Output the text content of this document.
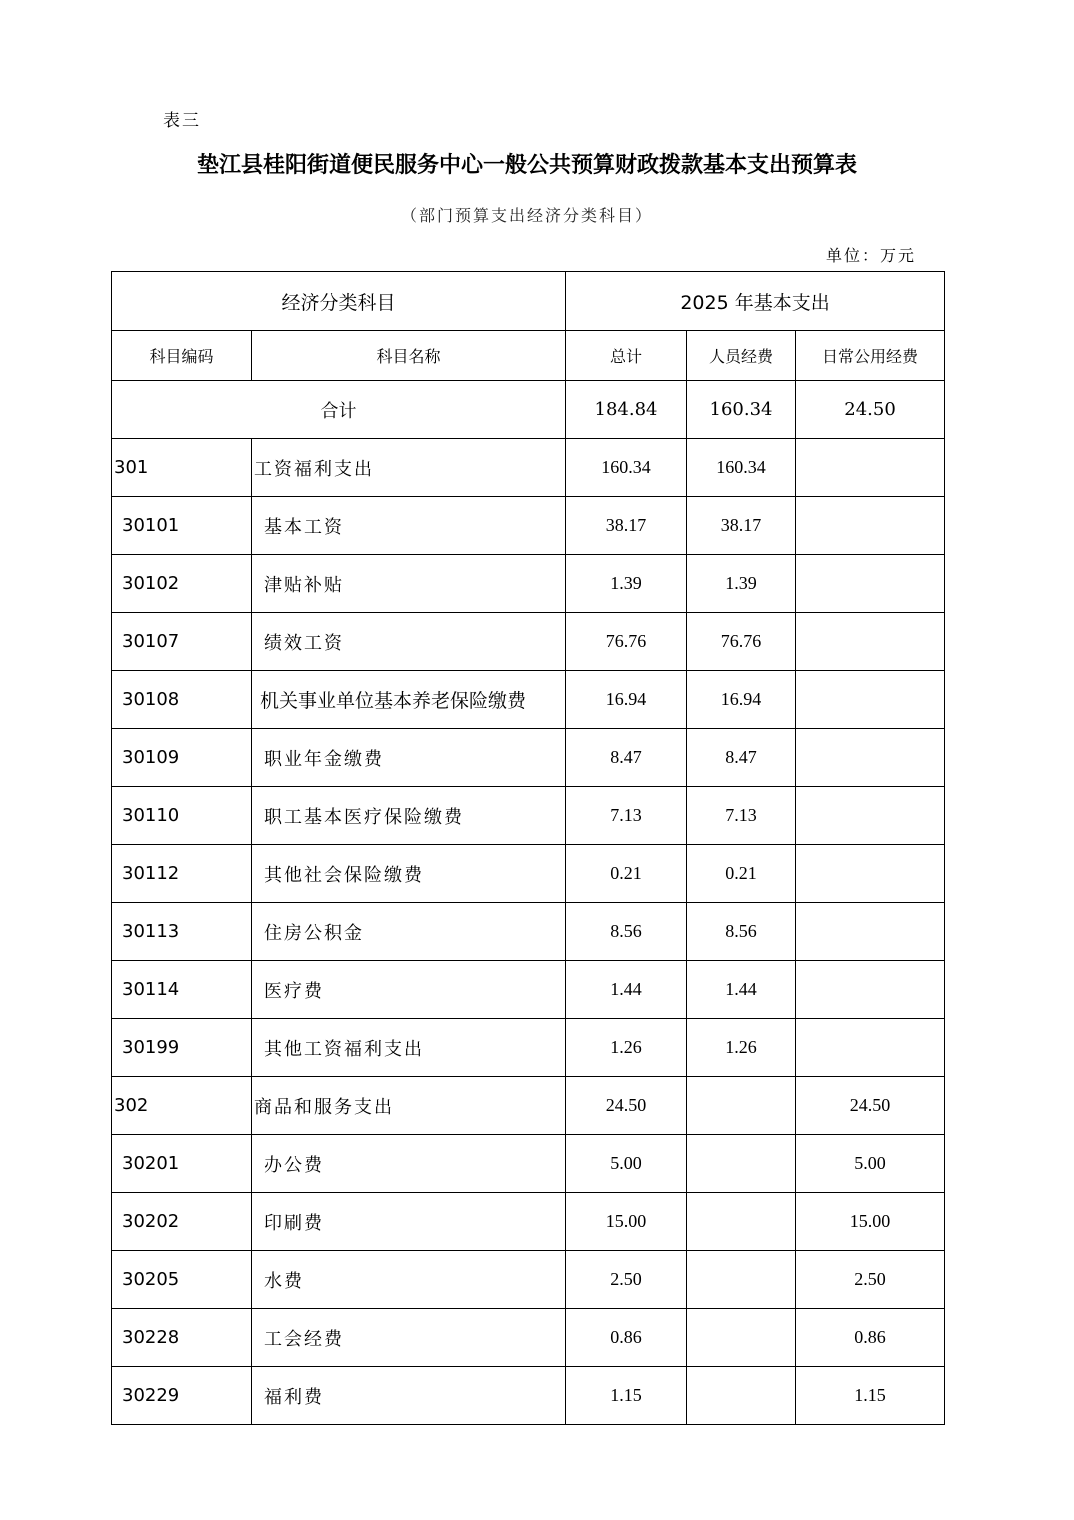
表三
垫江县桂阳街道便民服务中心一般公共预算财政拨款基本支出预算表
（部门预算支出经济分类科目）
单位：万元
经济分类科目		2025 年基本支出		
科目编码	科目名称	总计	人员经费	日常公用经费
合计		184.84	160.34	24.50
301	工资福利支出	160.34	160.34	
30101	基本工资	38.17	38.17	
30102	津贴补贴	1.39	1.39	
30107	绩效工资	76.76	76.76	
30108	机关事业单位基本养老保险缴费	16.94	16.94	
30109	职业年金缴费	8.47	8.47	
30110	职工基本医疗保险缴费	7.13	7.13	
30112	其他社会保险缴费	0.21	0.21	
30113	住房公积金	8.56	8.56	
30114	医疗费	1.44	1.44	
30199	其他工资福利支出	1.26	1.26	
302	商品和服务支出	24.50		24.50
30201	办公费	5.00		5.00
30202	印刷费	15.00		15.00
30205	水费	2.50		2.50
30228	工会经费	0.86		0.86
30229	福利费	1.15		1.15
